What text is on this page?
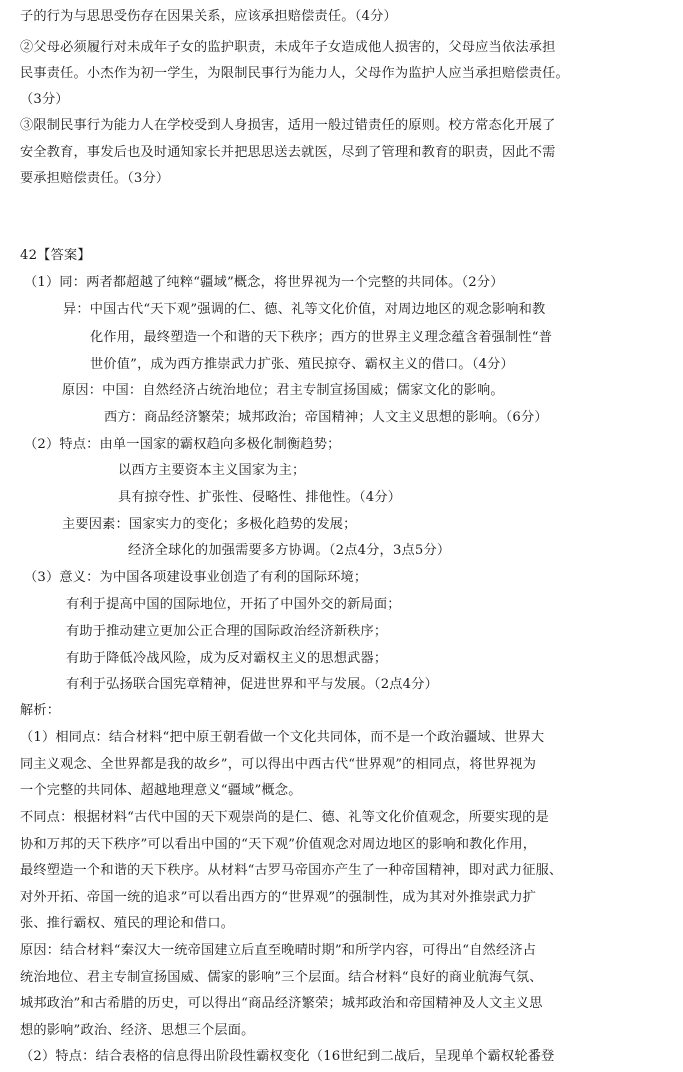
子的行为与思思受伤存在因果关系，应该承担赔偿责任。（4分）
②父母必须履行对未成年子女的监护职责，未成年子女造成他人损害的，父母应当依法承担
民事责任。小杰作为初一学生，为限制民事行为能力人，父母作为监护人应当承担赔偿责任。
（3分）
③限制民事行为能力人在学校受到人身损害，适用一般过错责任的原则。校方常态化开展了
安全教育，事发后也及时通知家长并把思思送去就医，尽到了管理和教育的职责，因此不需
要承担赔偿责任。（3分）
42【答案】
（1）同：两者都超越了纯粹“疆域”概念，将世界视为一个完整的共同体。（2分）
异：中国古代“天下观”强调的仁、德、礼等文化价值，对周边地区的观念影响和教
化作用，最终塑造一个和谐的天下秩序；西方的世界主义理念蕴含着强制性“普
世价值”，成为西方推崇武力扩张、殖民掠夺、霸权主义的借口。（4分）
原因：中国：自然经济占统治地位；君主专制宣扬国威；儒家文化的影响。
西方：商品经济繁荣；城邦政治；帝国精神；人文主义思想的影响。（6分）
（2）特点：由单一国家的霸权趋向多极化制衡趋势；
以西方主要资本主义国家为主；
具有掠夺性、扩张性、侵略性、排他性。（4分）
主要因素：国家实力的变化；多极化趋势的发展；
经济全球化的加强需要多方协调。（2点4分，3点5分）
（3）意义：为中国各项建设事业创造了有利的国际环境；
有利于提高中国的国际地位，开拓了中国外交的新局面；
有助于推动建立更加公正合理的国际政治经济新秩序；
有助于降低冷战风险，成为反对霸权主义的思想武器；
有利于弘扬联合国宪章精神，促进世界和平与发展。（2点4分）
解析：
（1）相同点：结合材料“把中原王朝看做一个文化共同体，而不是一个政治疆域、世界大
同主义观念、全世界都是我的故乡”，可以得出中西古代“世界观”的相同点，将世界视为
一个完整的共同体、超越地理意义“疆域”概念。
不同点：根据材料“古代中国的天下观崇尚的是仁、德、礼等文化价值观念，所要实现的是
协和万邦的天下秩序”可以看出中国的“天下观”价值观念对周边地区的影响和教化作用，
最终塑造一个和谐的天下秩序。从材料“古罗马帝国亦产生了一种帝国精神，即对武力征服、
对外开拓、帝国一统的追求”可以看出西方的“世界观”的强制性，成为其对外推崇武力扩
张、推行霸权、殖民的理论和借口。
原因：结合材料“秦汉大一统帝国建立后直至晚晴时期”和所学内容，可得出“自然经济占
统治地位、君主专制宣扬国威、儒家的影响”三个层面。结合材料“良好的商业航海气氛、
城邦政治”和古希腊的历史，可以得出“商品经济繁荣；城邦政治和帝国精神及人文主义思
想的影响”政治、经济、思想三个层面。
（2）特点：结合表格的信息得出阶段性霸权变化（16世纪到二战后，呈现单个霸权轮番登
